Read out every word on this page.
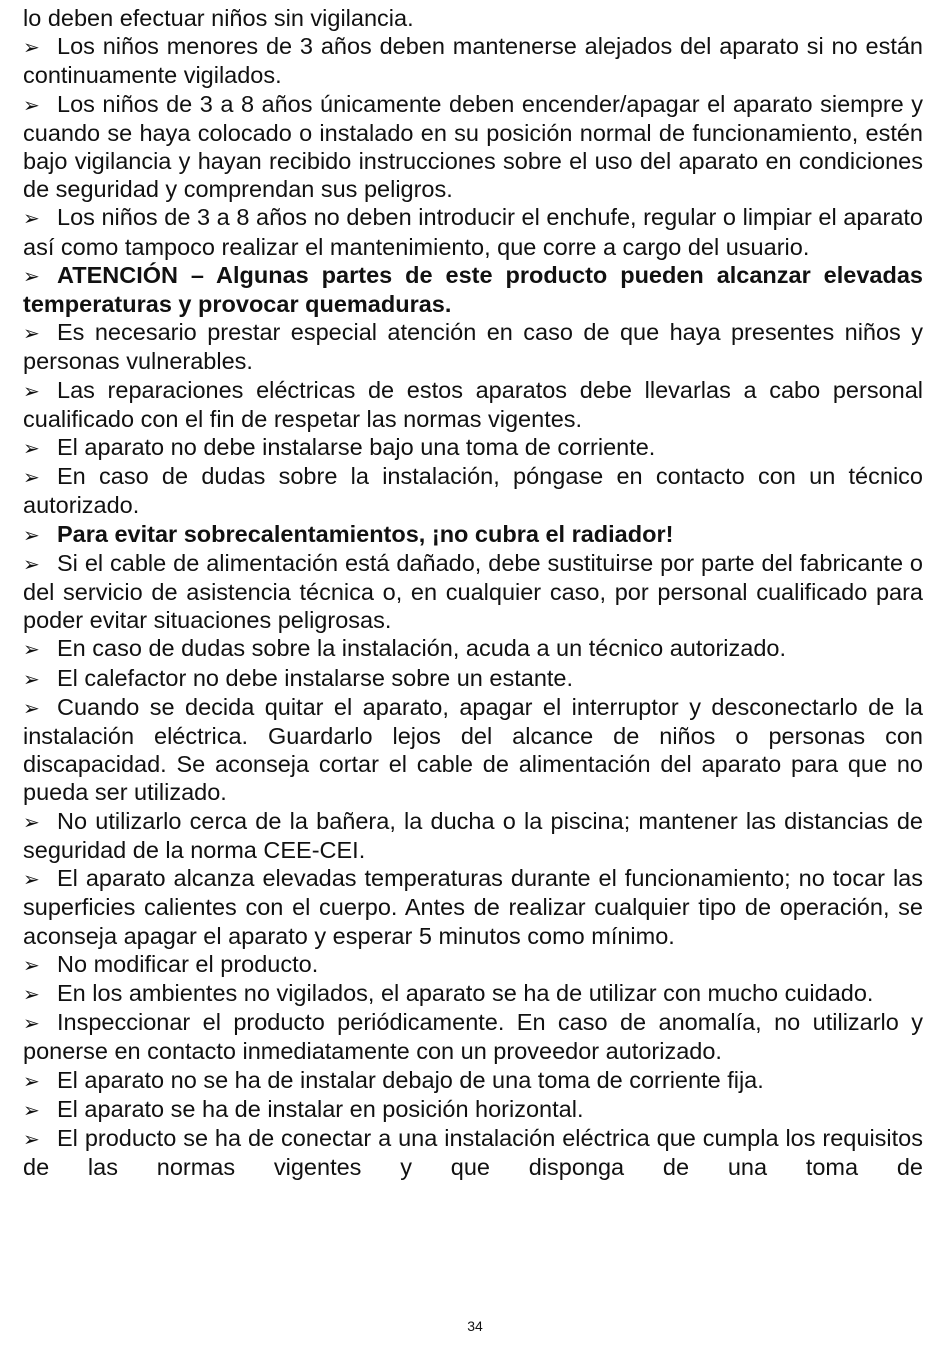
lo deben efectuar niños sin vigilancia.

➢ Los niños menores de 3 años deben mantenerse alejados del aparato si no están continuamente vigilados.

➢ Los niños de 3 a 8 años únicamente deben encender/apagar el aparato siempre y cuando se haya colocado o instalado en su posición normal de funcionamiento, estén bajo vigilancia y hayan recibido instrucciones sobre el uso del aparato en condiciones de seguridad y comprendan sus peligros.

➢ Los niños de 3 a 8 años no deben introducir el enchufe, regular o limpiar el aparato así como tampoco realizar el mantenimiento, que corre a cargo del usuario.

➢ ATENCIÓN – Algunas partes de este producto pueden alcanzar elevadas temperaturas y provocar quemaduras.

➢ Es necesario prestar especial atención en caso de que haya presentes niños y personas vulnerables.

➢ Las reparaciones eléctricas de estos aparatos debe llevarlas a cabo personal cualificado con el fin de respetar las normas vigentes.

➢ El aparato no debe instalarse bajo una toma de corriente.

➢ En caso de dudas sobre la instalación, póngase en contacto con un técnico autorizado.

➢ Para evitar sobrecalentamientos, ¡no cubra el radiador!

➢ Si el cable de alimentación está dañado, debe sustituirse por parte del fabricante o del servicio de asistencia técnica o, en cualquier caso, por personal cualificado para poder evitar situaciones peligrosas.

➢ En caso de dudas sobre la instalación, acuda a un técnico autorizado.

➢ El calefactor no debe instalarse sobre un estante.

➢ Cuando se decida quitar el aparato, apagar el interruptor y desconectarlo de la instalación eléctrica. Guardarlo lejos del alcance de niños o personas con discapacidad. Se aconseja cortar el cable de alimentación del aparato para que no pueda ser utilizado.

➢ No utilizarlo cerca de la bañera, la ducha o la piscina; mantener las distancias de seguridad de la norma CEE-CEI.

➢ El aparato alcanza elevadas temperaturas durante el funcionamiento; no tocar las superficies calientes con el cuerpo. Antes de realizar cualquier tipo de operación, se aconseja apagar el aparato y esperar 5 minutos como mínimo.

➢ No modificar el producto.

➢ En los ambientes no vigilados, el aparato se ha de utilizar con mucho cuidado.

➢ Inspeccionar el producto periódicamente. En caso de anomalía, no utilizarlo y ponerse en contacto inmediatamente con un proveedor autorizado.

➢ El aparato no se ha de instalar debajo de una toma de corriente fija.

➢ El aparato se ha de instalar en posición horizontal.

➢ El producto se ha de conectar a una instalación eléctrica que cumpla los requisitos de las normas vigentes y que disponga de una toma de

34
